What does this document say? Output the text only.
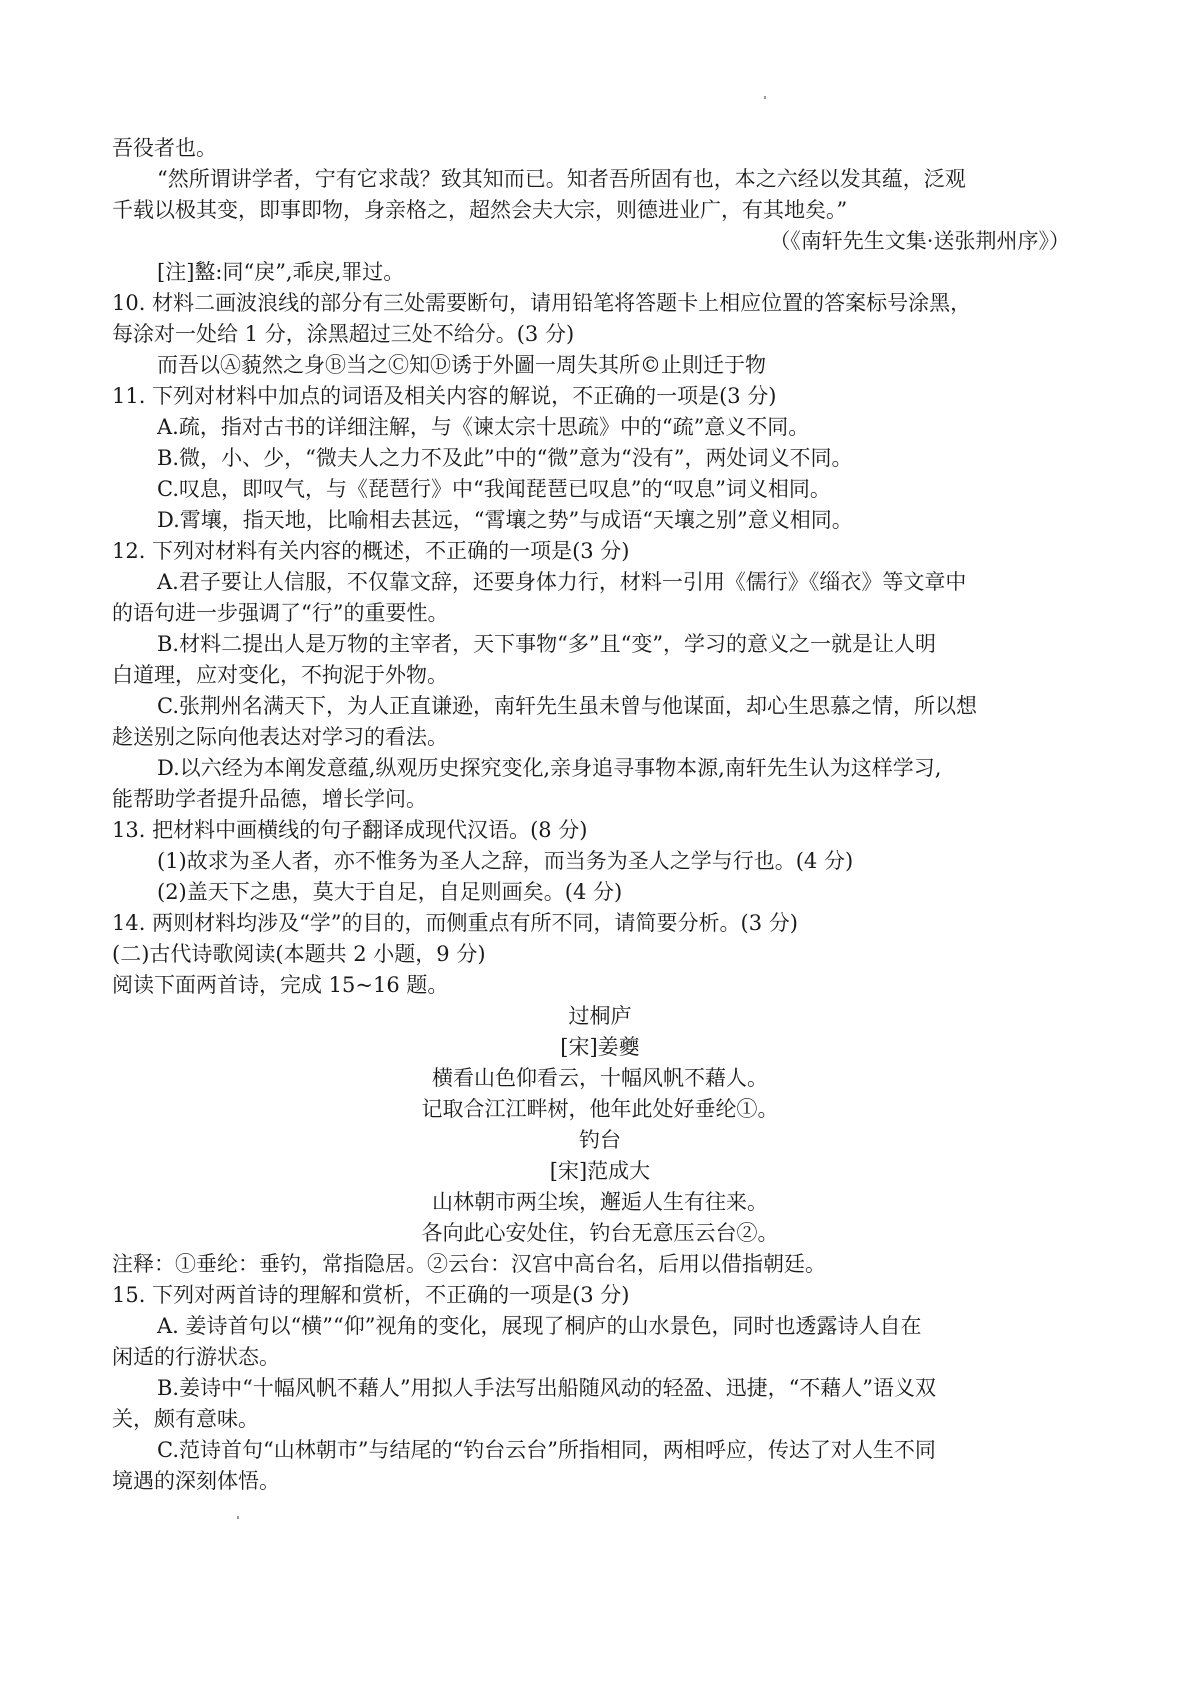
吾役者也。
“然所谓讲学者，宁有它求哉？致其知而已。知者吾所固有也，本之六经以发其蕴，泛观
千载以极其变，即事即物，身亲格之，超然会夫大宗，则德进业广，有其地矣。”
（《南轩先生文集·送张荆州序》）
[注]盭:同“戾”,乖戾,罪过。
10. 材料二画波浪线的部分有三处需要断句，请用铅笔将答题卡上相应位置的答案标号涂黑，
每涂对一处给 1 分，涂黑超过三处不给分。(3 分)
而吾以Ⓐ藐然之身Ⓑ当之Ⓒ知Ⓓ诱于外圖一周失其所©止則迁于物
11. 下列对材料中加点的词语及相关内容的解说，不正确的一项是(3 分)
A.疏，指对古书的详细注解，与《谏太宗十思疏》中的“疏”意义不同。
B.微，小、少，“微夫人之力不及此”中的“微”意为“没有”，两处词义不同。
C.叹息，即叹气，与《琵琶行》中“我闻琵琶已叹息”的“叹息”词义相同。
D.霄壤，指天地，比喻相去甚远，“霄壤之势”与成语“天壤之别”意义相同。
12. 下列对材料有关内容的概述，不正确的一项是(3 分)
A.君子要让人信服，不仅靠文辞，还要身体力行，材料一引用《儒行》《缁衣》等文章中
的语句进一步强调了“行”的重要性。
B.材料二提出人是万物的主宰者，天下事物“多”且“变”，学习的意义之一就是让人明
白道理，应对变化，不拘泥于外物。
C.张荆州名满天下，为人正直谦逊，南轩先生虽未曾与他谋面，却心生思慕之情，所以想
趁送别之际向他表达对学习的看法。
D.以六经为本阐发意蕴,纵观历史探究变化,亲身追寻事物本源,南轩先生认为这样学习,
能帮助学者提升品德，增长学问。
13. 把材料中画横线的句子翻译成现代汉语。(8 分)
(1)故求为圣人者，亦不惟务为圣人之辞，而当务为圣人之学与行也。(4 分)
(2)盖天下之患，莫大于自足，自足则画矣。(4 分)
14. 两则材料均涉及“学”的目的，而侧重点有所不同，请简要分析。(3 分)
(二)古代诗歌阅读(本题共 2 小题，9 分)
阅读下面两首诗，完成 15~16 题。
过桐庐
[宋]姜夔
横看山色仰看云，十幅风帆不藉人。
记取合江江畔树，他年此处好垂纶①。
钓台
[宋]范成大
山林朝市两尘埃，邂逅人生有往来。
各向此心安处住，钓台无意压云台②。
注释：①垂纶：垂钓，常指隐居。②云台：汉宫中高台名，后用以借指朝廷。
15. 下列对两首诗的理解和赏析，不正确的一项是(3 分)
A. 姜诗首句以“横”“仰”视角的变化，展现了桐庐的山水景色，同时也透露诗人自在
闲适的行游状态。
B.姜诗中“十幅风帆不藉人”用拟人手法写出船随风动的轻盈、迅捷，“不藉人”语义双
关，颇有意味。
C.范诗首句“山林朝市”与结尾的“钓台云台”所指相同，两相呼应，传达了对人生不同
境遇的深刻体悟。
